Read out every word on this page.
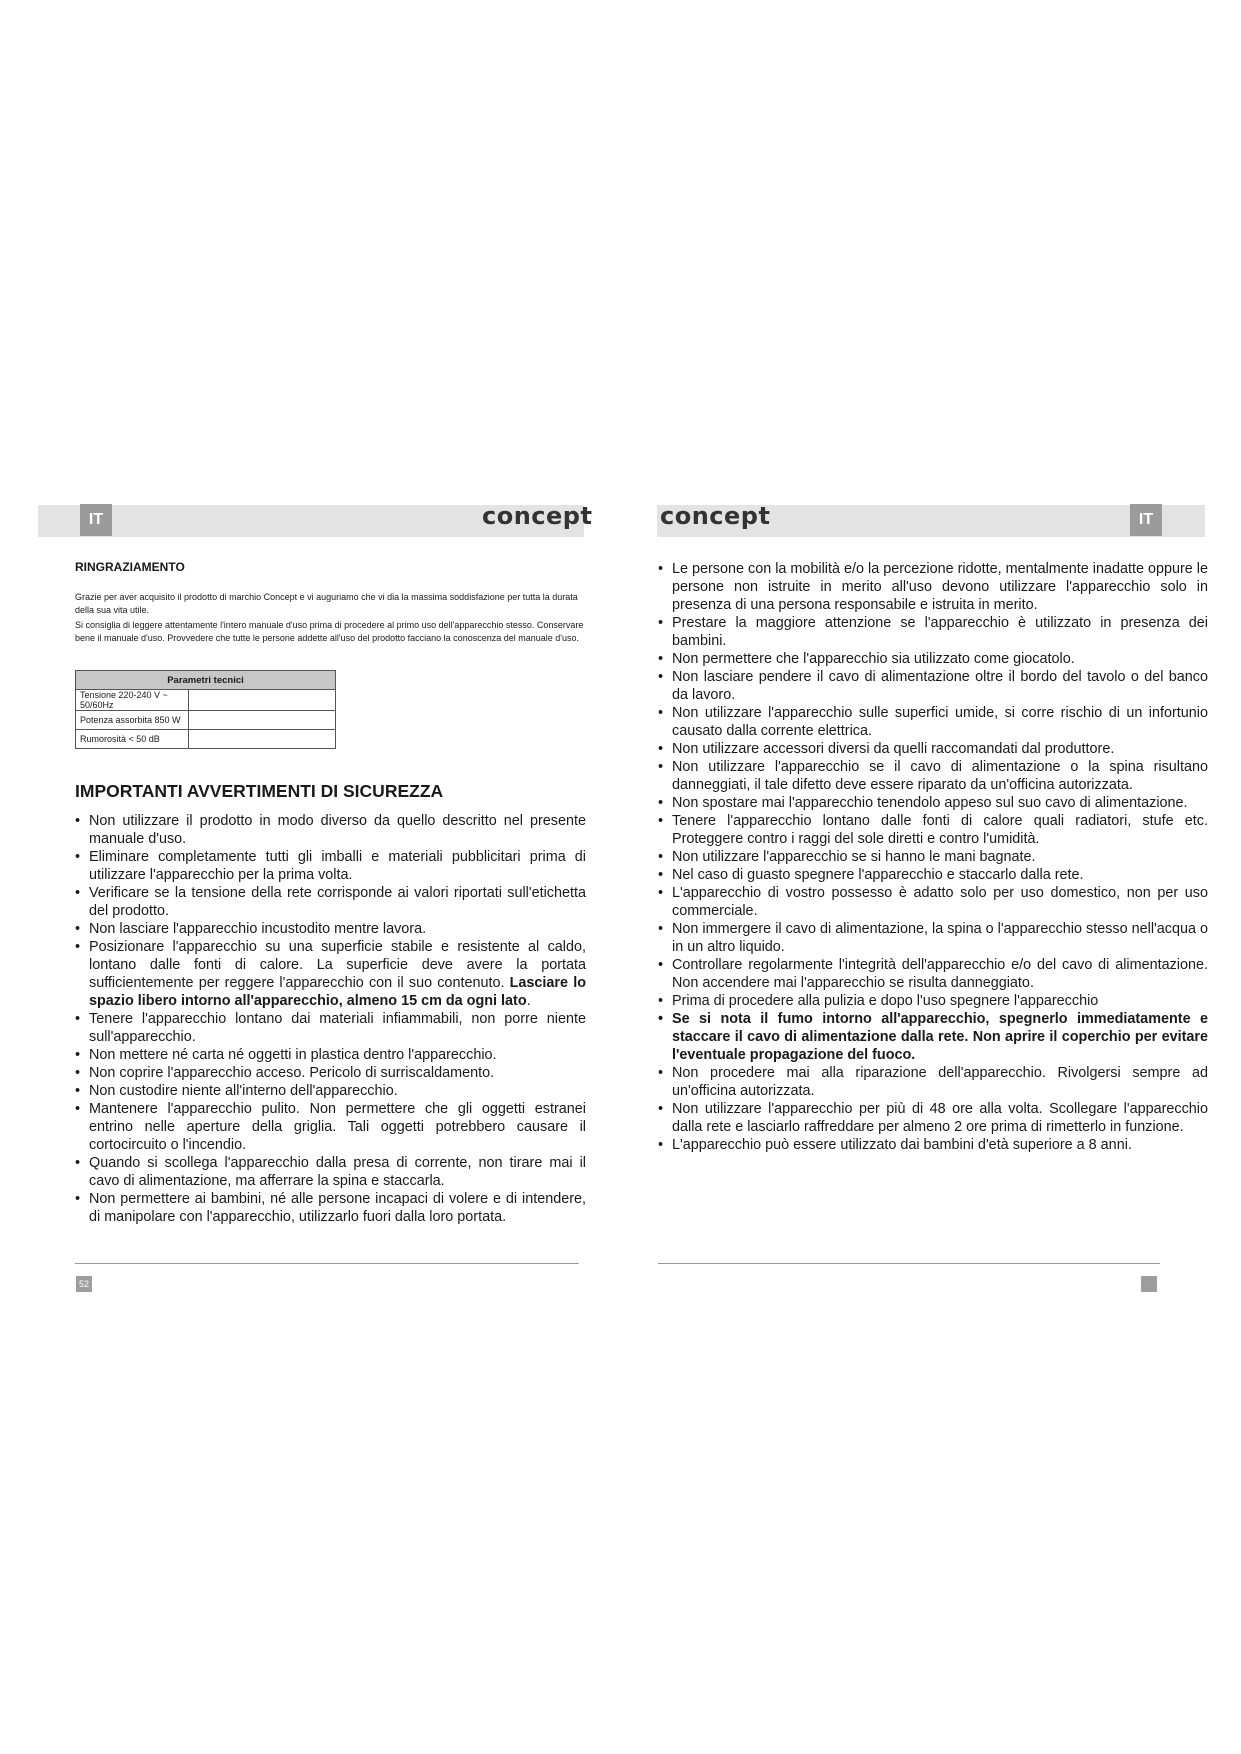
IT	concept
RINGRAZIAMENTO

Grazie per aver acquisito il prodotto di marchio Concept e vi auguriamo che vi dia la massima soddisfazione per tutta la durata della sua vita utile.

Si consiglia di leggere attentamente l'intero manuale d'uso prima di procedere al primo uso dell'apparecchio stesso. Conservare bene il manuale d'uso. Provvedere che tutte le persone addette all'uso del prodotto facciano la conoscenza del manuale d'uso.

Parametri tecnici	
Tensione 220-240 V ~ 50/60Hz	
Potenza assorbita 850 W	
Rumorosità < 50 dB	
IMPORTANTI AVVERTIMENTI DI SICUREZZA
• Non utilizzare il prodotto in modo diverso da quello descritto nel presente manuale d'uso.
• Eliminare completamente tutti gli imballi e materiali pubblicitari prima di utilizzare l'apparecchio per la prima volta.
• Verificare se la tensione della rete corrisponde ai valori riportati sull'etichetta del prodotto.
• Non lasciare l'apparecchio incustodito mentre lavora.
• Posizionare l'apparecchio su una superficie stabile e resistente al caldo, lontano dalle fonti di calore. La superficie deve avere la portata sufficientemente per reggere l'apparecchio con il suo contenuto. Lasciare lo spazio libero intorno all'apparecchio, almeno 15 cm da ogni lato.
• Tenere l'apparecchio lontano dai materiali infiammabili, non porre niente sull'apparecchio.
• Non mettere né carta né oggetti in plastica dentro l'apparecchio.
• Non coprire l'apparecchio acceso. Pericolo di surriscaldamento.
• Non custodire niente all'interno dell'apparecchio.
• Mantenere l'apparecchio pulito. Non permettere che gli oggetti estranei entrino nelle aperture della griglia. Tali oggetti potrebbero causare il cortocircuito o l'incendio.
• Quando si scollega l'apparecchio dalla presa di corrente, non tirare mai il cavo di alimentazione, ma afferrare la spina e staccarla.
• Non permettere ai bambini, né alle persone incapaci di volere e di intendere, di manipolare con l'apparecchio, utilizzarlo fuori dalla loro portata.
52
concept	IT
• Le persone con la mobilità e/o la percezione ridotte, mentalmente inadatte oppure le persone non istruite in merito all'uso devono utilizzare l'apparecchio solo in presenza di una persona responsabile e istruita in merito.
• Prestare la maggiore attenzione se l'apparecchio è utilizzato in presenza dei bambini.
• Non permettere che l'apparecchio sia utilizzato come giocatolo.
• Non lasciare pendere il cavo di alimentazione oltre il bordo del tavolo o del banco da lavoro.
• Non utilizzare l'apparecchio sulle superfici umide, si corre rischio di un infortunio causato dalla corrente elettrica.
• Non utilizzare accessori diversi da quelli raccomandati dal produttore.
• Non utilizzare l'apparecchio se il cavo di alimentazione o la spina risultano danneggiati, il tale difetto deve essere riparato da un'officina autorizzata.
• Non spostare mai l'apparecchio tenendolo appeso sul suo cavo di alimentazione.
• Tenere l'apparecchio lontano dalle fonti di calore quali radiatori, stufe etc. Proteggere contro i raggi del sole diretti e contro l'umidità.
• Non utilizzare l'apparecchio se si hanno le mani bagnate.
• Nel caso di guasto spegnere l'apparecchio e staccarlo dalla rete.
• L'apparecchio di vostro possesso è adatto solo per uso domestico, non per uso commerciale.
• Non immergere il cavo di alimentazione, la spina o l'apparecchio stesso nell'acqua o in un altro liquido.
• Controllare regolarmente l'integrità dell'apparecchio e/o del cavo di alimentazione. Non accendere mai l'apparecchio se risulta danneggiato.
• Prima di procedere alla pulizia e dopo l'uso spegnere l'apparecchio
• Se si nota il fumo intorno all'apparecchio, spegnerlo immediatamente e staccare il cavo di alimentazione dalla rete. Non aprire il coperchio per evitare l'eventuale propagazione del fuoco.
• Non procedere mai alla riparazione dell'apparecchio. Rivolgersi sempre ad un'officina autorizzata.
• Non utilizzare l'apparecchio per più di 48 ore alla volta. Scollegare l'apparecchio dalla rete e lasciarlo raffreddare per almeno 2 ore prima di rimetterlo in funzione.
• L'apparecchio può essere utilizzato dai bambini d'età superiore a 8 anni.
